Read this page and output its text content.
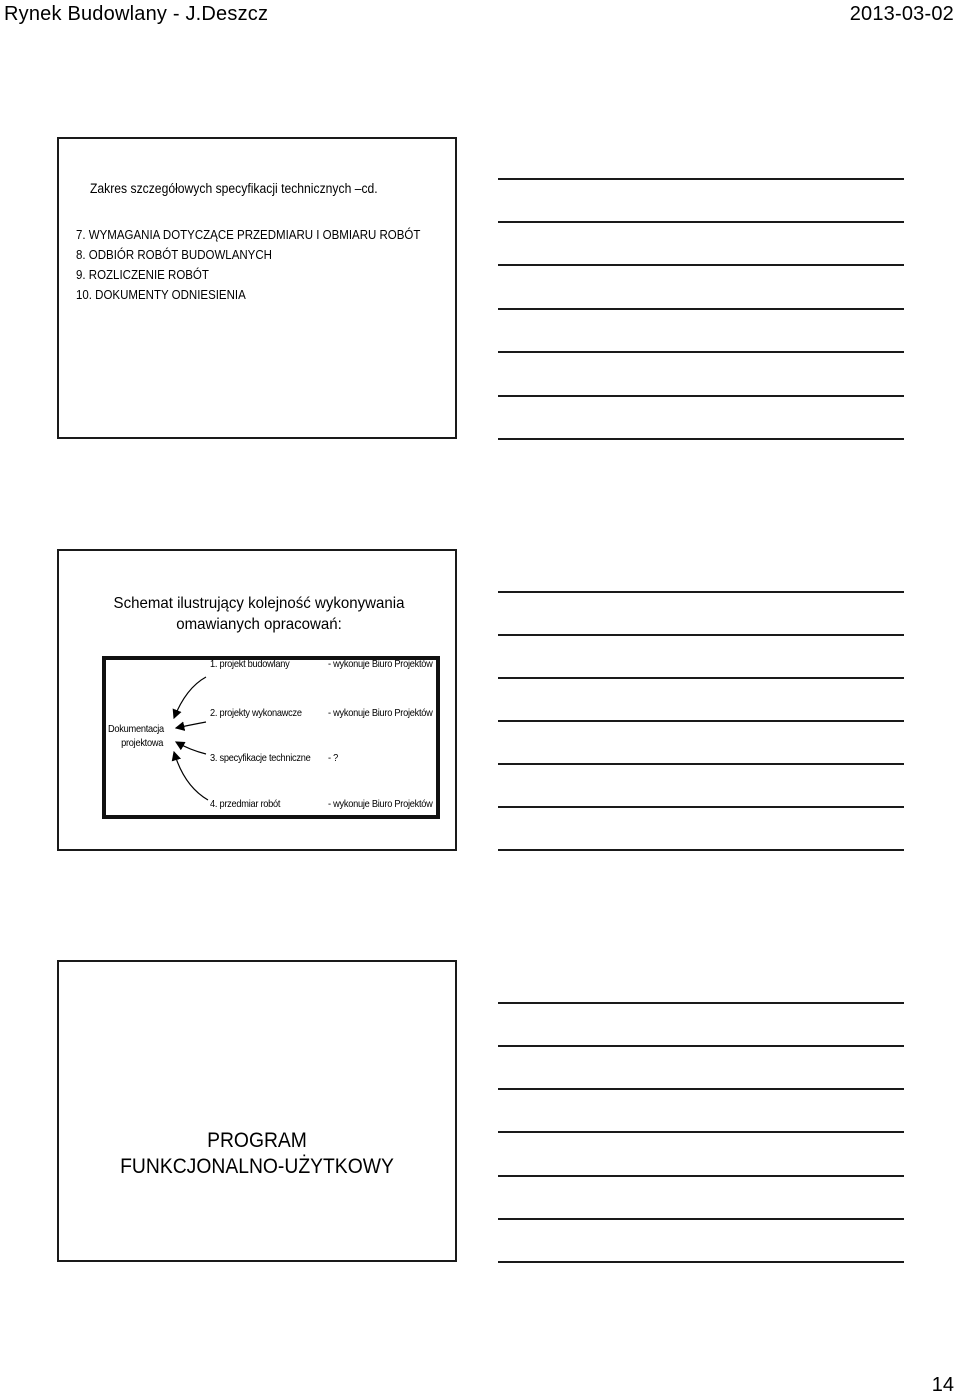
Rynek Budowlany - J.Deszcz	2013-03-02
Zakres szczegółowych specyfikacji technicznych –cd.
7. WYMAGANIA DOTYCZĄCE PRZEDMIARU I OBMIARU ROBÓT
8. ODBIÓR ROBÓT BUDOWLANYCH
9. ROZLICZENIE ROBÓT
10. DOKUMENTY ODNIESIENIA
Schemat ilustrujący kolejność wykonywania omawianych opracowań:
Dokumentacja
projektowa
1. projekt budowlany	- wykonuje Biuro Projektów
2. projekty wykonawcze - wykonuje Biuro Projektów
3. specyfikacje techniczne - ?
4. przedmiar robót	- wykonuje Biuro Projektów
PROGRAM
FUNKCJONALNO-UŻYTKOWY
14
